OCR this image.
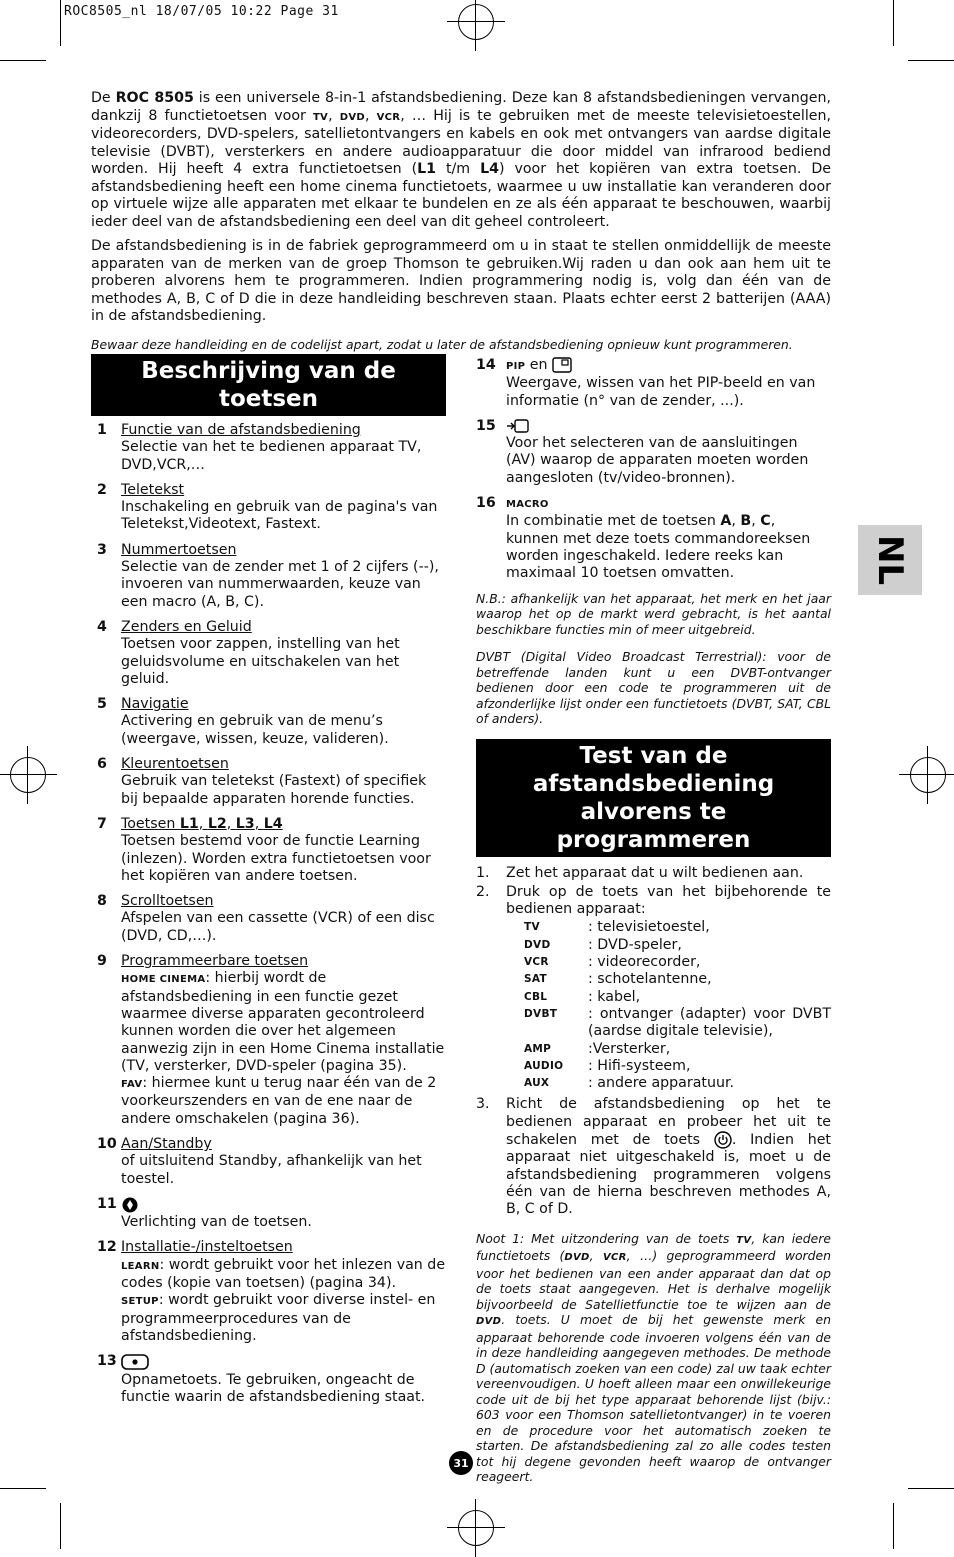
ROC8505_nl 18/07/05 10:22 Page 31

De ROC 8505 is een universele 8-in-1 afstandsbediening. Deze kan 8 afstandsbedieningen vervangen, dankzij 8 functietoetsen voor TV, DVD, VCR, … Hij is te gebruiken met de meeste televisietoestellen, videorecorders, DVD-spelers, satellietontvangers en kabels en ook met ontvangers van aardse digitale televisie (DVBT), versterkers en andere audioapparatuur die door middel van infrarood bediend worden. Hij heeft 4 extra functietoetsen (L1 t/m L4) voor het kopiëren van extra toetsen. De afstandsbediening heeft een home cinema functietoets, waarmee u uw installatie kan veranderen door op virtuele wijze alle apparaten met elkaar te bundelen en ze als één apparaat te beschouwen, waarbij ieder deel van de afstandsbediening een deel van dit geheel controleert.

De afstandsbediening is in de fabriek geprogrammeerd om u in staat te stellen onmiddellijk de meeste apparaten van de merken van de groep Thomson te gebruiken.Wij raden u dan ook aan hem uit te proberen alvorens hem te programmeren. Indien programmering nodig is, volg dan één van de methodes A, B, C of D die in deze handleiding beschreven staan. Plaats echter eerst 2 batterijen (AAA) in de afstandsbediening.

Bewaar deze handleiding en de codelijst apart, zodat u later de afstandsbediening opnieuw kunt programmeren.

Beschrijving van de toetsen
1 Functie van de afstandsbediening
Selectie van het te bedienen apparaat TV, DVD,VCR,…
2 Teletekst
Inschakeling en gebruik van de pagina's van Teletekst,Videotext, Fastext.
3 Nummertoetsen
Selectie van de zender met 1 of 2 cijfers (--), invoeren van nummerwaarden, keuze van een macro (A, B, C).
4 Zenders en Geluid
Toetsen voor zappen, instelling van het geluidsvolume en uitschakelen van het geluid.
5 Navigatie
Activering en gebruik van de menu’s (weergave, wissen, keuze, valideren).
6 Kleurentoetsen
Gebruik van teletekst (Fastext) of specifiek bij bepaalde apparaten horende functies.
7 Toetsen L1, L2, L3, L4
Toetsen bestemd voor de functie Learning (inlezen). Worden extra functietoetsen voor het kopiëren van andere toetsen.
8 Scrolltoetsen
Afspelen van een cassette (VCR) of een disc (DVD, CD,…).
9 Programmeerbare toetsen
HOME CINEMA: hierbij wordt de afstandsbediening in een functie gezet waarmee diverse apparaten gecontroleerd kunnen worden die over het algemeen aanwezig zijn in een Home Cinema installatie (TV, versterker, DVD-speler (pagina 35).
FAV: hiermee kunt u terug naar één van de 2 voorkeurszenders en van de ene naar de andere omschakelen (pagina 36).
10 Aan/Standby
of uitsluitend Standby, afhankelijk van het toestel.
11
Verlichting van de toetsen.
12 Installatie-/insteltoetsen
LEARN: wordt gebruikt voor het inlezen van de codes (kopie van toetsen) (pagina 34).
SETUP: wordt gebruikt voor diverse instel- en programmeerprocedures van de afstandsbediening.
13
Opnametoets. Te gebruiken, ongeacht de functie waarin de afstandsbediening staat.
14 PIP en
Weergave, wissen van het PIP-beeld en van informatie (n° van de zender, ...).
15
Voor het selecteren van de aansluitingen (AV) waarop de apparaten moeten worden aangesloten (tv/video-bronnen).
16 MACRO
In combinatie met de toetsen A, B, C, kunnen met deze toets commandoreeksen worden ingeschakeld. Iedere reeks kan maximaal 10 toetsen omvatten.

N.B.: afhankelijk van het apparaat, het merk en het jaar waarop het op de markt werd gebracht, is het aantal beschikbare functies min of meer uitgebreid.

DVBT (Digital Video Broadcast Terrestrial): voor de betreffende landen kunt u een DVBT-ontvanger bedienen door een code te programmeren uit de afzonderlijke lijst onder een functietoets (DVBT, SAT, CBL of anders).

Test van de afstandsbediening alvorens te programmeren
1. Zet het apparaat dat u wilt bedienen aan.
2. Druk op de toets van het bijbehorende te bedienen apparaat:
TV	: televisietoestel,
DVD	: DVD-speler,
VCR	: videorecorder,
SAT	: schotelantenne,
CBL	: kabel,
DVBT	: ontvanger (adapter) voor DVBT (aardse digitale televisie),
AMP	:Versterker,
AUDIO	: Hifi-systeem,
AUX	: andere apparatuur.
3. Richt de afstandsbediening op het te bedienen apparaat en probeer het uit te schakelen met de toets . Indien het apparaat niet uitgeschakeld is, moet u de afstandsbediening programmeren volgens één van de hierna beschreven methodes A, B, C of D.

Noot 1: Met uitzondering van de toets TV, kan iedere functietoets (DVD, VCR, …) geprogrammeerd worden voor het bedienen van een ander apparaat dan dat op de toets staat aangegeven. Het is derhalve mogelijk bijvoorbeeld de Satellietfunctie toe te wijzen aan de DVD. toets. U moet de bij het gewenste merk en apparaat behorende code invoeren volgens één van de in deze handleiding aangegeven methodes. De methode D (automatisch zoeken van een code) zal uw taak echter vereenvoudigen. U hoeft alleen maar een onwillekeurige code uit de bij het type apparaat behorende lijst (bijv.: 603 voor een Thomson satellietontvanger) in te voeren en de procedure voor het automatisch zoeken te starten. De afstandsbediening zal zo alle codes testen tot hij degene gevonden heeft waarop de ontvanger reageert.

NL
31
